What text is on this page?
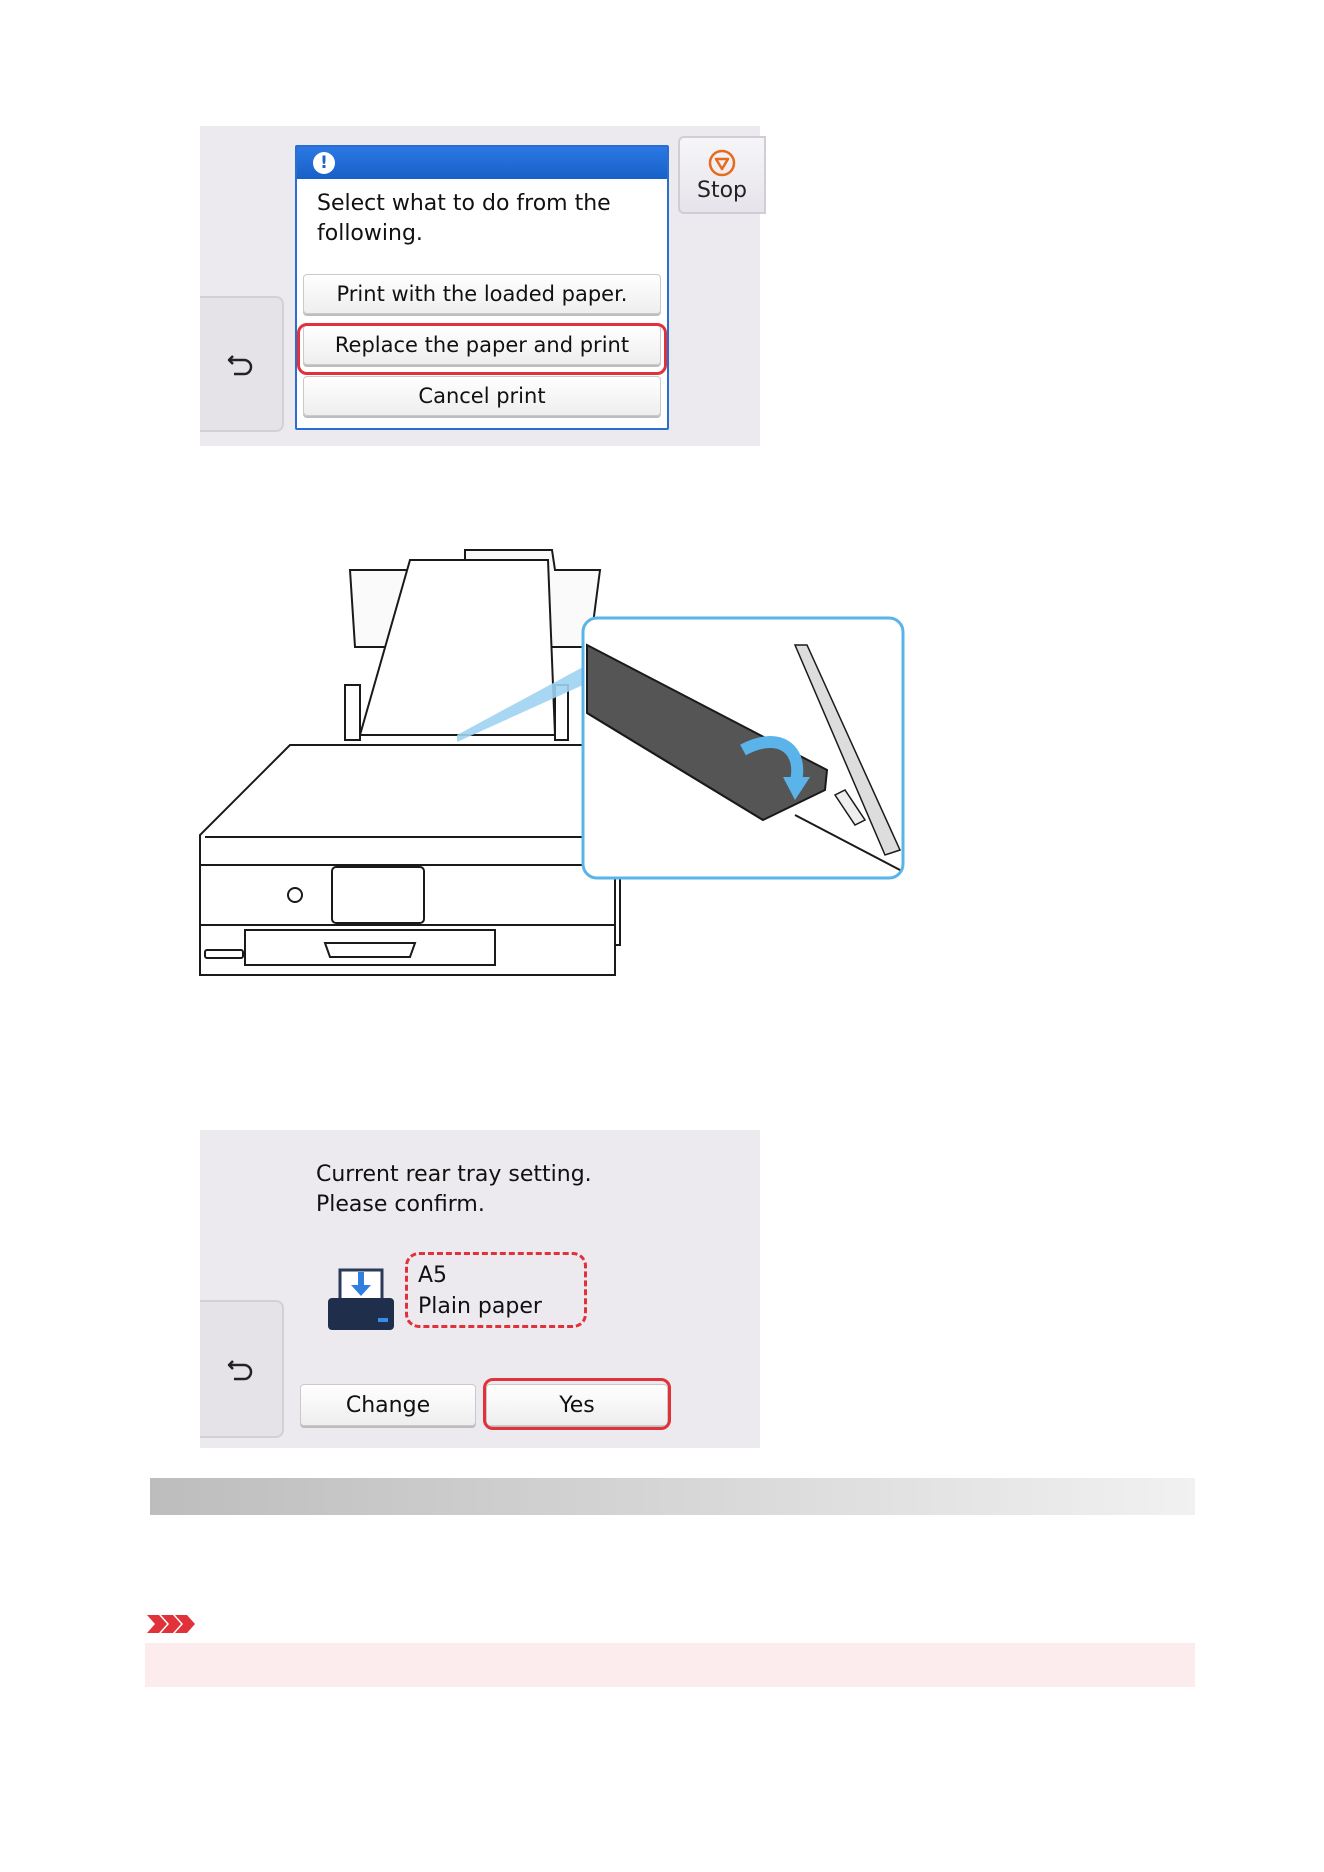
!
Select what to do from the following.
Print with the loaded paper.
Replace the paper and print
Cancel print
Stop
Current rear tray setting.
Please confirm.
A5
Plain paper
Change	Yes
